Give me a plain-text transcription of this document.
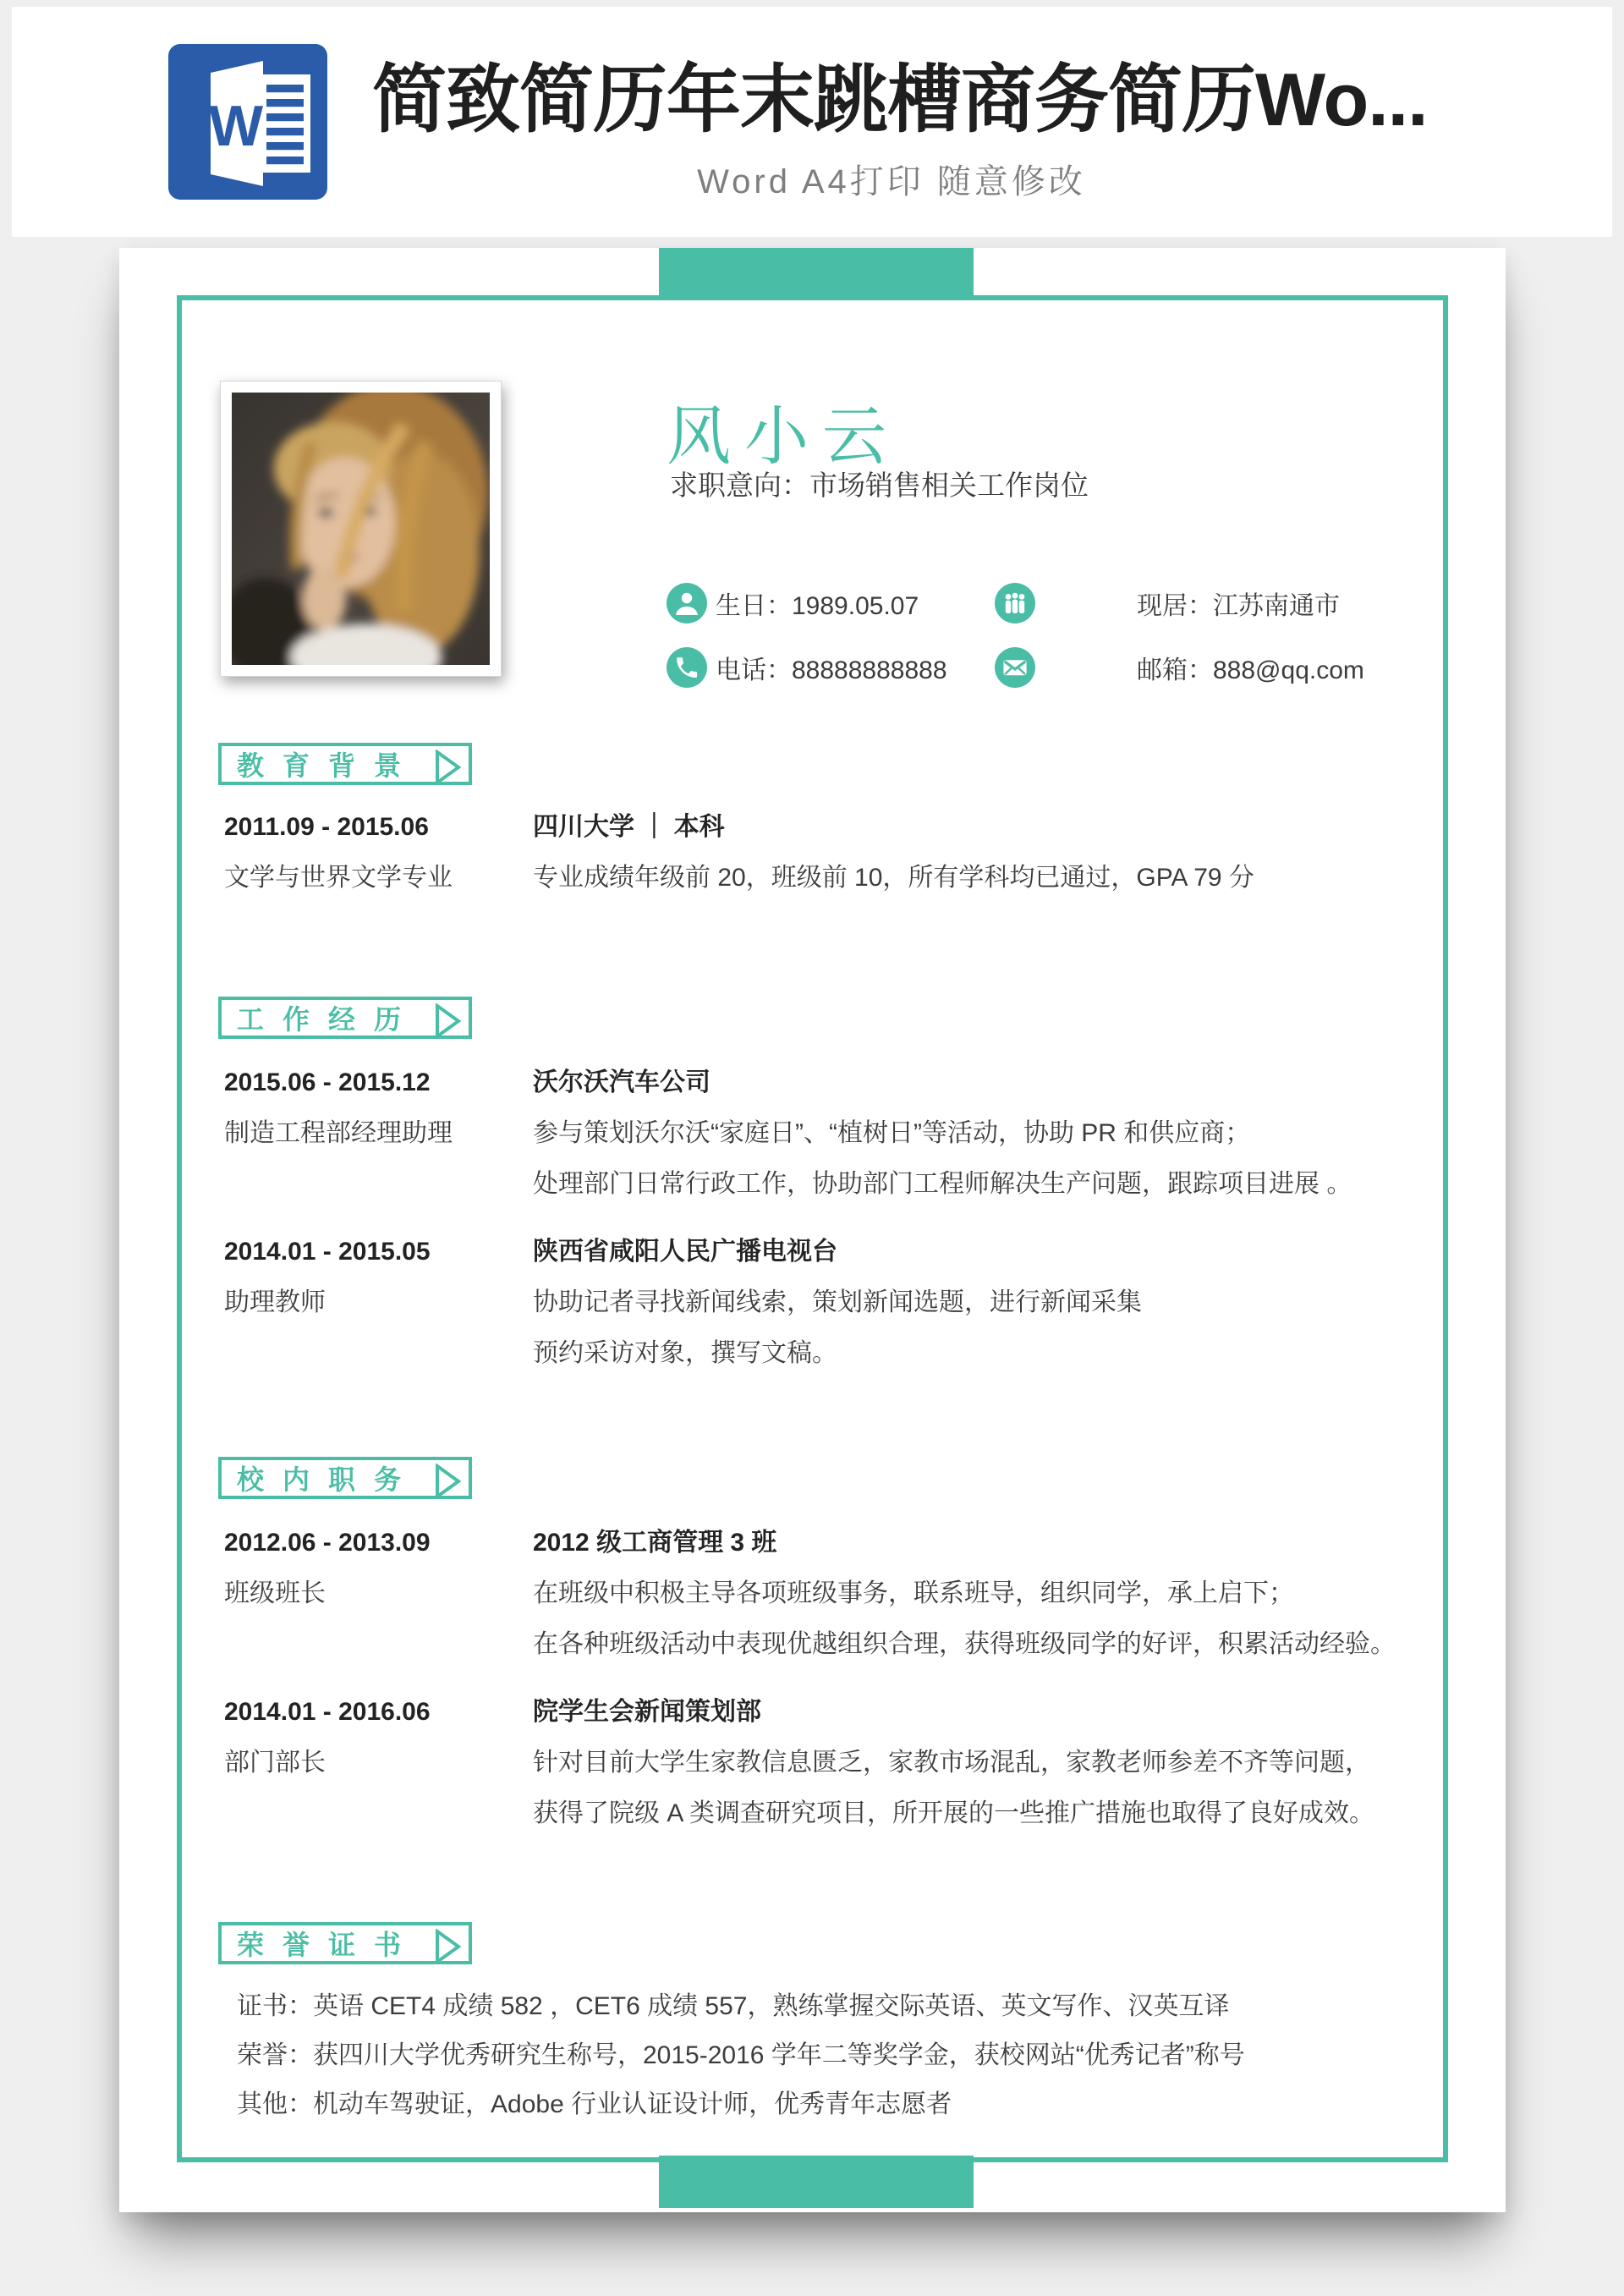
W 简致简历年末跳槽商务简历Wo...
Word A4打印 随意修改
风小云
求职意向：市场销售相关工作岗位
生日：1989.05.07	现居：江苏南通市
电话：88888888888	邮箱：888@qq.com
教育背景
工作经历
校内职务
荣誉证书
2011.09 - 2015.06
文学与世界文学专业
四川大学 ｜ 本科
专业成绩年级前 20，班级前 10，所有学科均已通过，GPA 79 分
2015.06 - 2015.12
制造工程部经理助理
沃尔沃汽车公司
参与策划沃尔沃“家庭日”、“植树日”等活动，协助 PR 和供应商；
处理部门日常行政工作，协助部门工程师解决生产问题，跟踪项目进展 。
2014.01 - 2015.05
助理教师
陕西省咸阳人民广播电视台
协助记者寻找新闻线索，策划新闻选题，进行新闻采集
预约采访对象，撰写文稿。
2012.06 - 2013.09
班级班长
2012 级工商管理 3 班
在班级中积极主导各项班级事务，联系班导，组织同学，承上启下；
在各种班级活动中表现优越组织合理，获得班级同学的好评，积累活动经验。
2014.01 - 2016.06
部门部长
院学生会新闻策划部
针对目前大学生家教信息匮乏，家教市场混乱，家教老师参差不齐等问题，
获得了院级 A 类调查研究项目，所开展的一些推广措施也取得了良好成效。
证书：英语 CET4 成绩 582 ，CET6 成绩 557，熟练掌握交际英语、英文写作、汉英互译
荣誉：获四川大学优秀研究生称号，2015-2016 学年二等奖学金，获校网站“优秀记者”称号
其他：机动车驾驶证，Adobe 行业认证设计师，优秀青年志愿者
